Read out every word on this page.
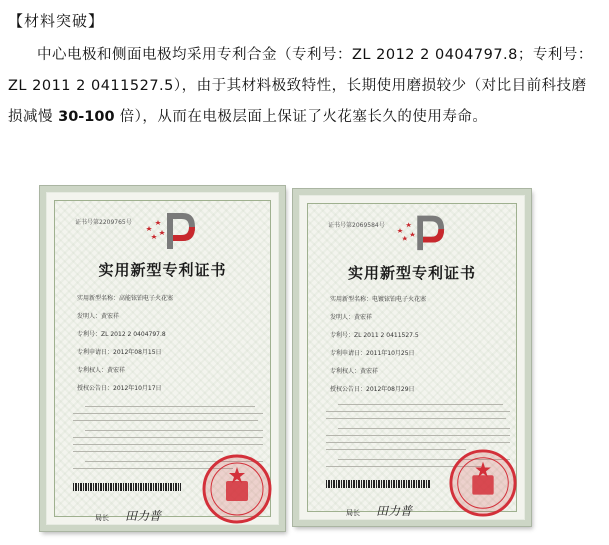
【材料突破】
中心电极和侧面电极均采用专利合金（专利号：ZL 2012 2 0404797.8；专利号：ZL 2011 2 0411527.5），由于其材料极致特性，长期使用磨损较少（对比目前科技磨损减慢 30-100 倍），从而在电极层面上保证了火花塞长久的使用寿命。
证书号第2209765号
实用新型专利证书
实用新型名称：高能铱铂电子火花塞
发明人：黄宏祥
专利号：ZL 2012 2 0404797.8
专利申请日：2012年08月15日
专利权人：黄宏祥
授权公告日：2012年10月17日
局长 田力普
证书号第2069584号
实用新型专利证书
实用新型名称：电镀铱铂电子火花塞
发明人：黄宏祥
专利号：ZL 2011 2 0411527.5
专利申请日：2011年10月25日
专利权人：黄宏祥
授权公告日：2012年08月29日
局长 田力普
